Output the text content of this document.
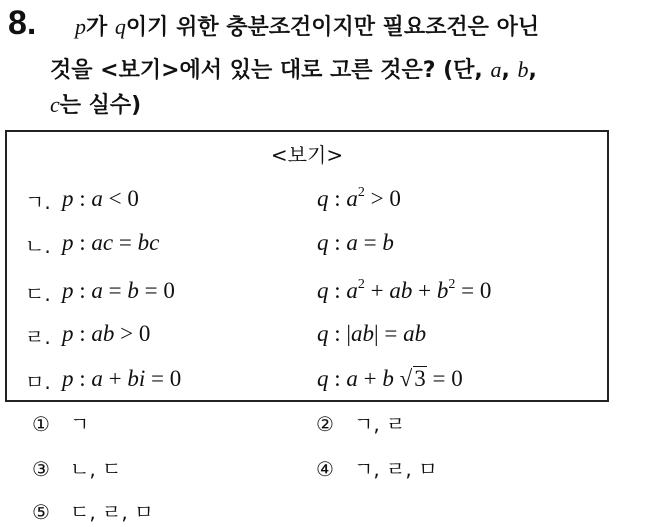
8. p가 q이기 위한 충분조건이지만 필요조건은 아닌
것을 <보기>에서 있는 대로 고른 것은? (단, a, b,
c는 실수)
<보기>
ㄱ. p : a < 0	q : $a^2 > 0$
ㄴ. p : ac = bc	q : a = b
ㄷ. p : a = b = 0	q : $a^2$ + ab + $b^2 = 0$
ㄹ. p : ab > 0	q : |ab| = ab
ㅁ. p : a + bi = 0	q : a + b √3 = 0
① ㄱ	② ㄱ, ㄹ
③ ㄴ, ㄷ	④ ㄱ, ㄹ, ㅁ
⑤ ㄷ, ㄹ, ㅁ
